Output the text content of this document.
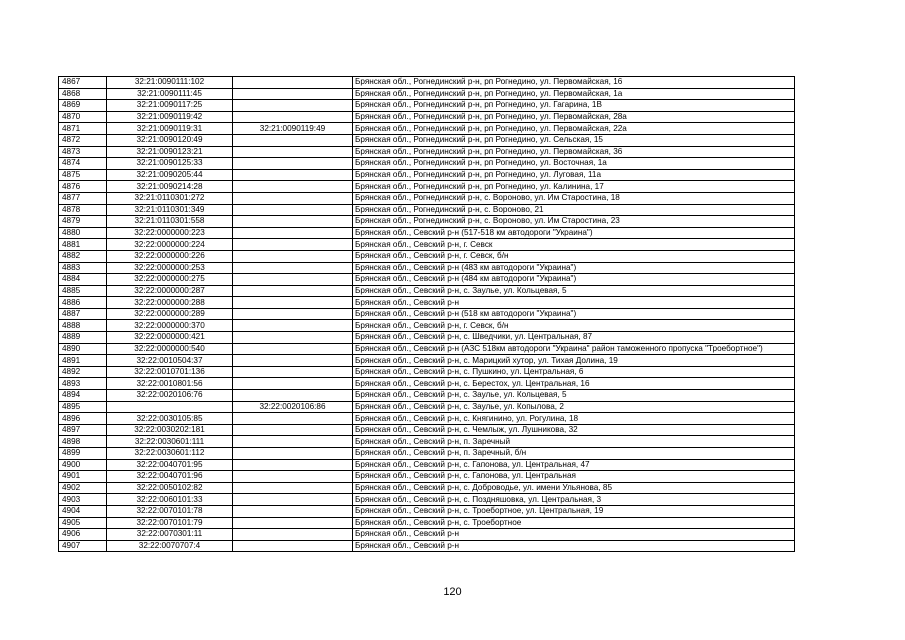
4867	32:21:0090111:102		Брянская обл., Рогнединский р-н, рп Рогнедино, ул. Первомайская, 16
4868	32:21:0090111:45		Брянская обл., Рогнединский р-н, рп Рогнедино, ул. Первомайская, 1а
4869	32:21:0090117:25		Брянская обл., Рогнединский р-н, рп Рогнедино, ул. Гагарина, 1В
4870	32:21:0090119:42		Брянская обл., Рогнединский р-н, рп Рогнедино, ул. Первомайская, 28а
4871	32:21:0090119:31	32:21:0090119:49	Брянская обл., Рогнединский р-н, рп Рогнедино, ул. Первомайская, 22а
4872	32:21:0090120:49		Брянская обл., Рогнединский р-н, рп Рогнедино, ул. Сельская, 15
4873	32:21:0090123:21		Брянская обл., Рогнединский р-н, рп Рогнедино, ул. Первомайская, 36
4874	32:21:0090125:33		Брянская обл., Рогнединский р-н, рп Рогнедино, ул. Восточная, 1а
4875	32:21:0090205:44		Брянская обл., Рогнединский р-н, рп Рогнедино, ул. Луговая, 11а
4876	32:21:0090214:28		Брянская обл., Рогнединский р-н, рп Рогнедино, ул. Калинина, 17
4877	32:21:0110301:272		Брянская обл., Рогнединский р-н, с. Вороново, ул. Им Старостина, 18
4878	32:21:0110301:349		Брянская обл., Рогнединский р-н, с. Вороново, 21
4879	32:21:0110301:558		Брянская обл., Рогнединский р-н, с. Вороново, ул. Им Старостина, 23
4880	32:22:0000000:223		Брянская обл., Севский р-н (517-518 км автодороги "Украина")
4881	32:22:0000000:224		Брянская обл., Севский р-н, г. Севск
4882	32:22:0000000:226		Брянская обл., Севский р-н, г. Севск, б/н
4883	32:22:0000000:253		Брянская обл., Севский р-н (483 км автодороги "Украина")
4884	32:22:0000000:275		Брянская обл., Севский р-н (484 км автодороги "Украина")
4885	32:22:0000000:287		Брянская обл., Севский р-н, с. Заулье, ул. Кольцевая, 5
4886	32:22:0000000:288		Брянская обл., Севский р-н
4887	32:22:0000000:289		Брянская обл., Севский р-н (518 км автодороги "Украина")
4888	32:22:0000000:370		Брянская обл., Севский р-н, г. Севск, б/н
4889	32:22:0000000:421		Брянская обл., Севский р-н, с. Шведчики, ул. Центральная, 87
4890	32:22:0000000:540		Брянская обл., Севский р-н (АЗС 518км автодороги "Украина" район таможенного пропуска "Троебортное")
4891	32:22:0010504:37		Брянская обл., Севский р-н, с. Марицкий хутор, ул. Тихая Долина, 19
4892	32:22:0010701:136		Брянская обл., Севский р-н, с. Пушкино, ул. Центральная, 6
4893	32:22:0010801:56		Брянская обл., Севский р-н, с. Берестох, ул. Центральная, 16
4894	32:22:0020106:76		Брянская обл., Севский р-н, с. Заулье, ул. Кольцевая, 5
4895		32:22:0020106:86	Брянская обл., Севский р-н, с. Заулье, ул. Копылова, 2
4896	32:22:0030105:85		Брянская обл., Севский р-н, с. Княгинино, ул. Рогулина, 18
4897	32:22:0030202:181		Брянская обл., Севский р-н, с. Чемлыж, ул. Лушникова, 32
4898	32:22:0030601:111		Брянская обл., Севский р-н, п. Заречный
4899	32:22:0030601:112		Брянская обл., Севский р-н, п. Заречный, б/н
4900	32:22:0040701:95		Брянская обл., Севский р-н, с. Гапонова, ул. Центральная, 47
4901	32:22:0040701:96		Брянская обл., Севский р-н, с. Гапонова, ул. Центральная
4902	32:22:0050102:82		Брянская обл., Севский р-н, с. Доброводье, ул. имени Ульянова, 85
4903	32:22:0060101:33		Брянская обл., Севский р-н, с. Поздняшовка, ул. Центральная, 3
4904	32:22:0070101:78		Брянская обл., Севский р-н, с. Троебортное, ул. Центральная, 19
4905	32:22:0070101:79		Брянская обл., Севский р-н, с. Троебортное
4906	32:22:0070301:11		Брянская обл., Севский р-н
4907	32:22:0070707:4		Брянская обл., Севский р-н
120
